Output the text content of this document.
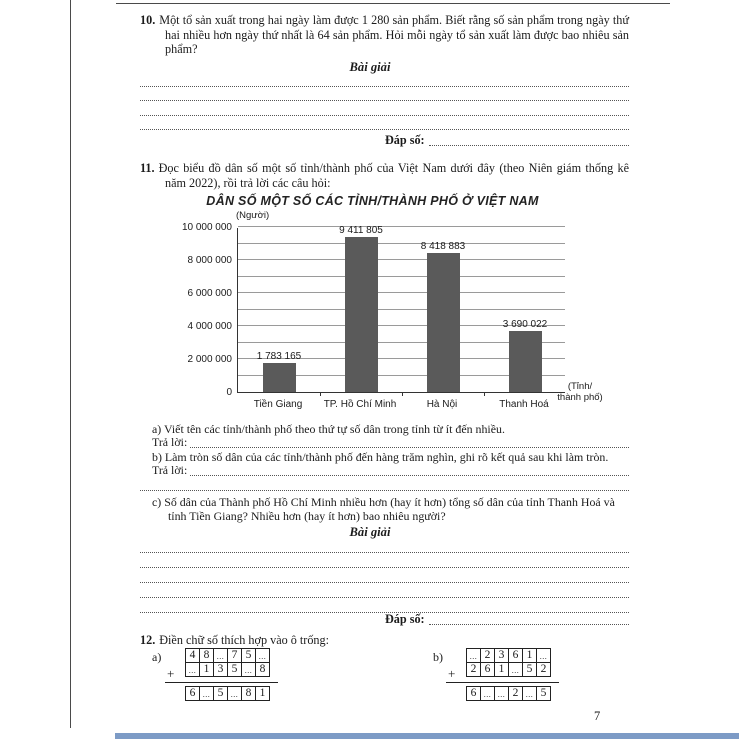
10. Một tổ sản xuất trong hai ngày làm được 1 280 sản phẩm. Biết rằng số sản phẩm trong ngày thứ hai nhiều hơn ngày thứ nhất là 64 sản phẩm. Hỏi mỗi ngày tổ sản xuất làm được bao nhiêu sản phẩm?
Bài giải
Đáp số:
11. Đọc biểu đồ dân số một số tỉnh/thành phố của Việt Nam dưới đây (theo Niên giám thống kê năm 2022), rồi trả lời các câu hỏi:
DÂN SỐ MỘT SỐ CÁC TỈNH/THÀNH PHỐ Ở VIỆT NAM
(Người)
10 000 000
8 000 000
6 000 000
4 000 000
2 000 000
0
1 783 165
9 411 805
8 418 883
3 690 022
Tiền Giang	TP. Hồ Chí Minh	Hà Nội	Thanh Hoá
(Tỉnh/
thành phố)
a) Viết tên các tỉnh/thành phố theo thứ tự số dân trong tỉnh từ ít đến nhiều.
Trả lời:
b) Làm tròn số dân của các tỉnh/thành phố đến hàng trăm nghìn, ghi rõ kết quả sau khi làm tròn.
Trả lời:
c) Số dân của Thành phố Hồ Chí Minh nhiều hơn (hay ít hơn) tổng số dân của tỉnh Thanh Hoá và tỉnh Tiền Giang? Nhiều hơn (hay ít hơn) bao nhiêu người?
Bài giải
Đáp số:
12. Điền chữ số thích hợp vào ô trống:
a)
+
4 8 ... 7 5 ...
... 1 3 5 ... 8
6 ... 5 ... 8 1
b)
+
... 2 3 6 1 ...
2 6 1 ... 5 2
6 ... ... 2 ... 5
7
